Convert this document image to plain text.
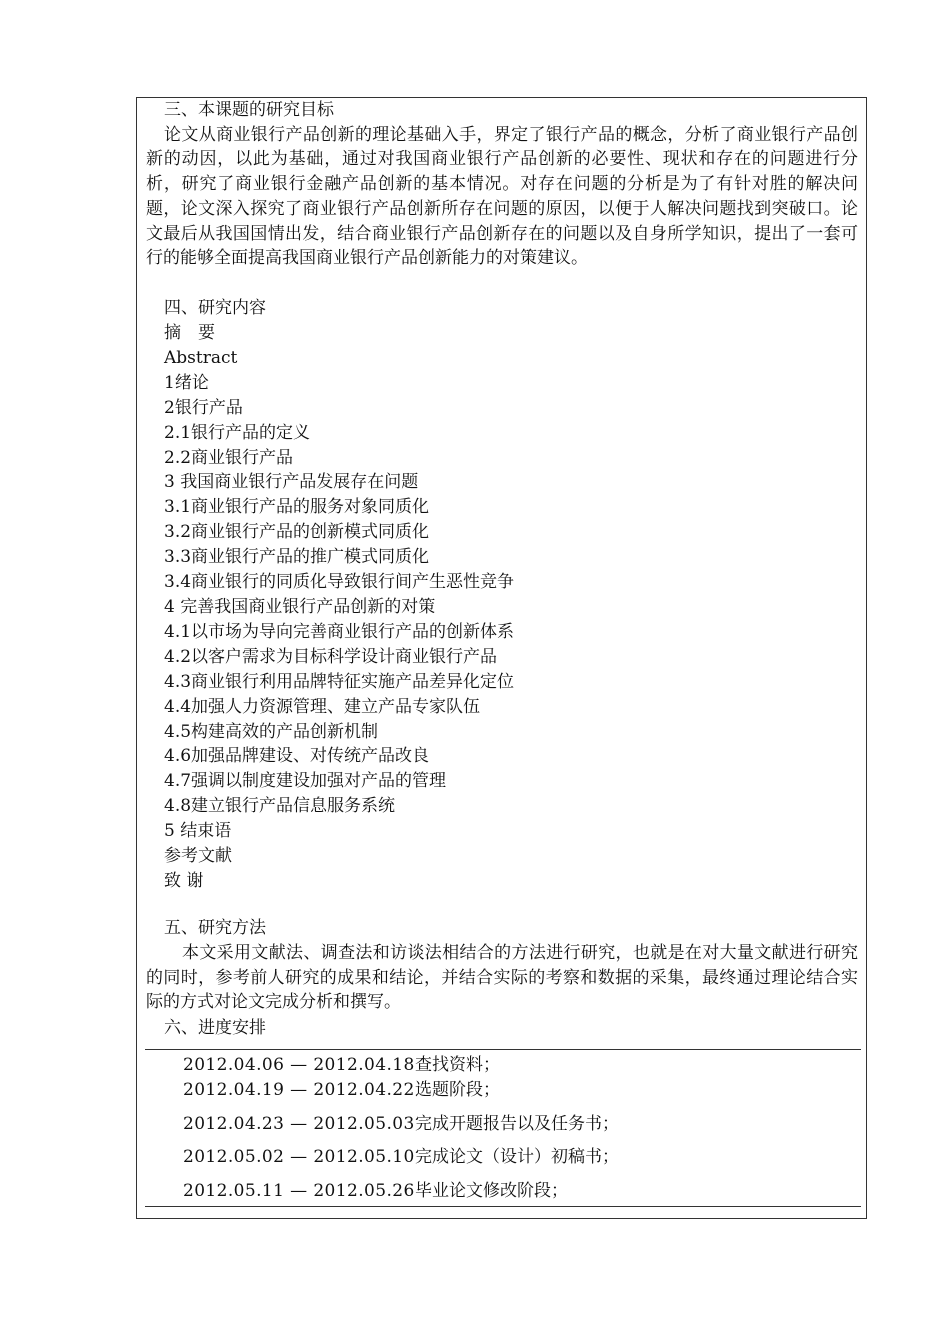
三、本课题的研究目标

论文从商业银行产品创新的理论基础入手，界定了银行产品的概念，分析了商业银行产品创新的动因，以此为基础，通过对我国商业银行产品创新的必要性、现状和存在的问题进行分析，研究了商业银行金融产品创新的基本情况。对存在问题的分析是为了有针对胜的解决问题，论文深入探究了商业银行产品创新所存在问题的原因，以便于人解决问题找到突破口。论文最后从我国国情出发，结合商业银行产品创新存在的问题以及自身所学知识，提出了一套可行的能够全面提高我国商业银行产品创新能力的对策建议。

四、研究内容

摘　要
Abstract
1绪论
2银行产品
2.1银行产品的定义
2.2商业银行产品
3 我国商业银行产品发展存在问题
3.1商业银行产品的服务对象同质化
3.2商业银行产品的创新模式同质化
3.3商业银行产品的推广模式同质化
3.4商业银行的同质化导致银行间产生恶性竞争
4 完善我国商业银行产品创新的对策
4.1以市场为导向完善商业银行产品的创新体系
4.2以客户需求为目标科学设计商业银行产品
4.3商业银行利用品牌特征实施产品差异化定位
4.4加强人力资源管理、建立产品专家队伍
4.5构建高效的产品创新机制
4.6加强品牌建设、对传统产品改良
4.7强调以制度建设加强对产品的管理
4.8建立银行产品信息服务系统
5 结束语
参考文献
致 谢

五、研究方法

本文采用文献法、调查法和访谈法相结合的方法进行研究，也就是在对大量文献进行研究的同时，参考前人研究的成果和结论，并结合实际的考察和数据的采集，最终通过理论结合实际的方式对论文完成分析和撰写。

六、进度安排

2012.04.06 — 2012.04.18查找资料；
2012.04.19 — 2012.04.22选题阶段；
2012.04.23 — 2012.05.03完成开题报告以及任务书；
2012.05.02 — 2012.05.10完成论文（设计）初稿书；
2012.05.11 — 2012.05.26毕业论文修改阶段；
